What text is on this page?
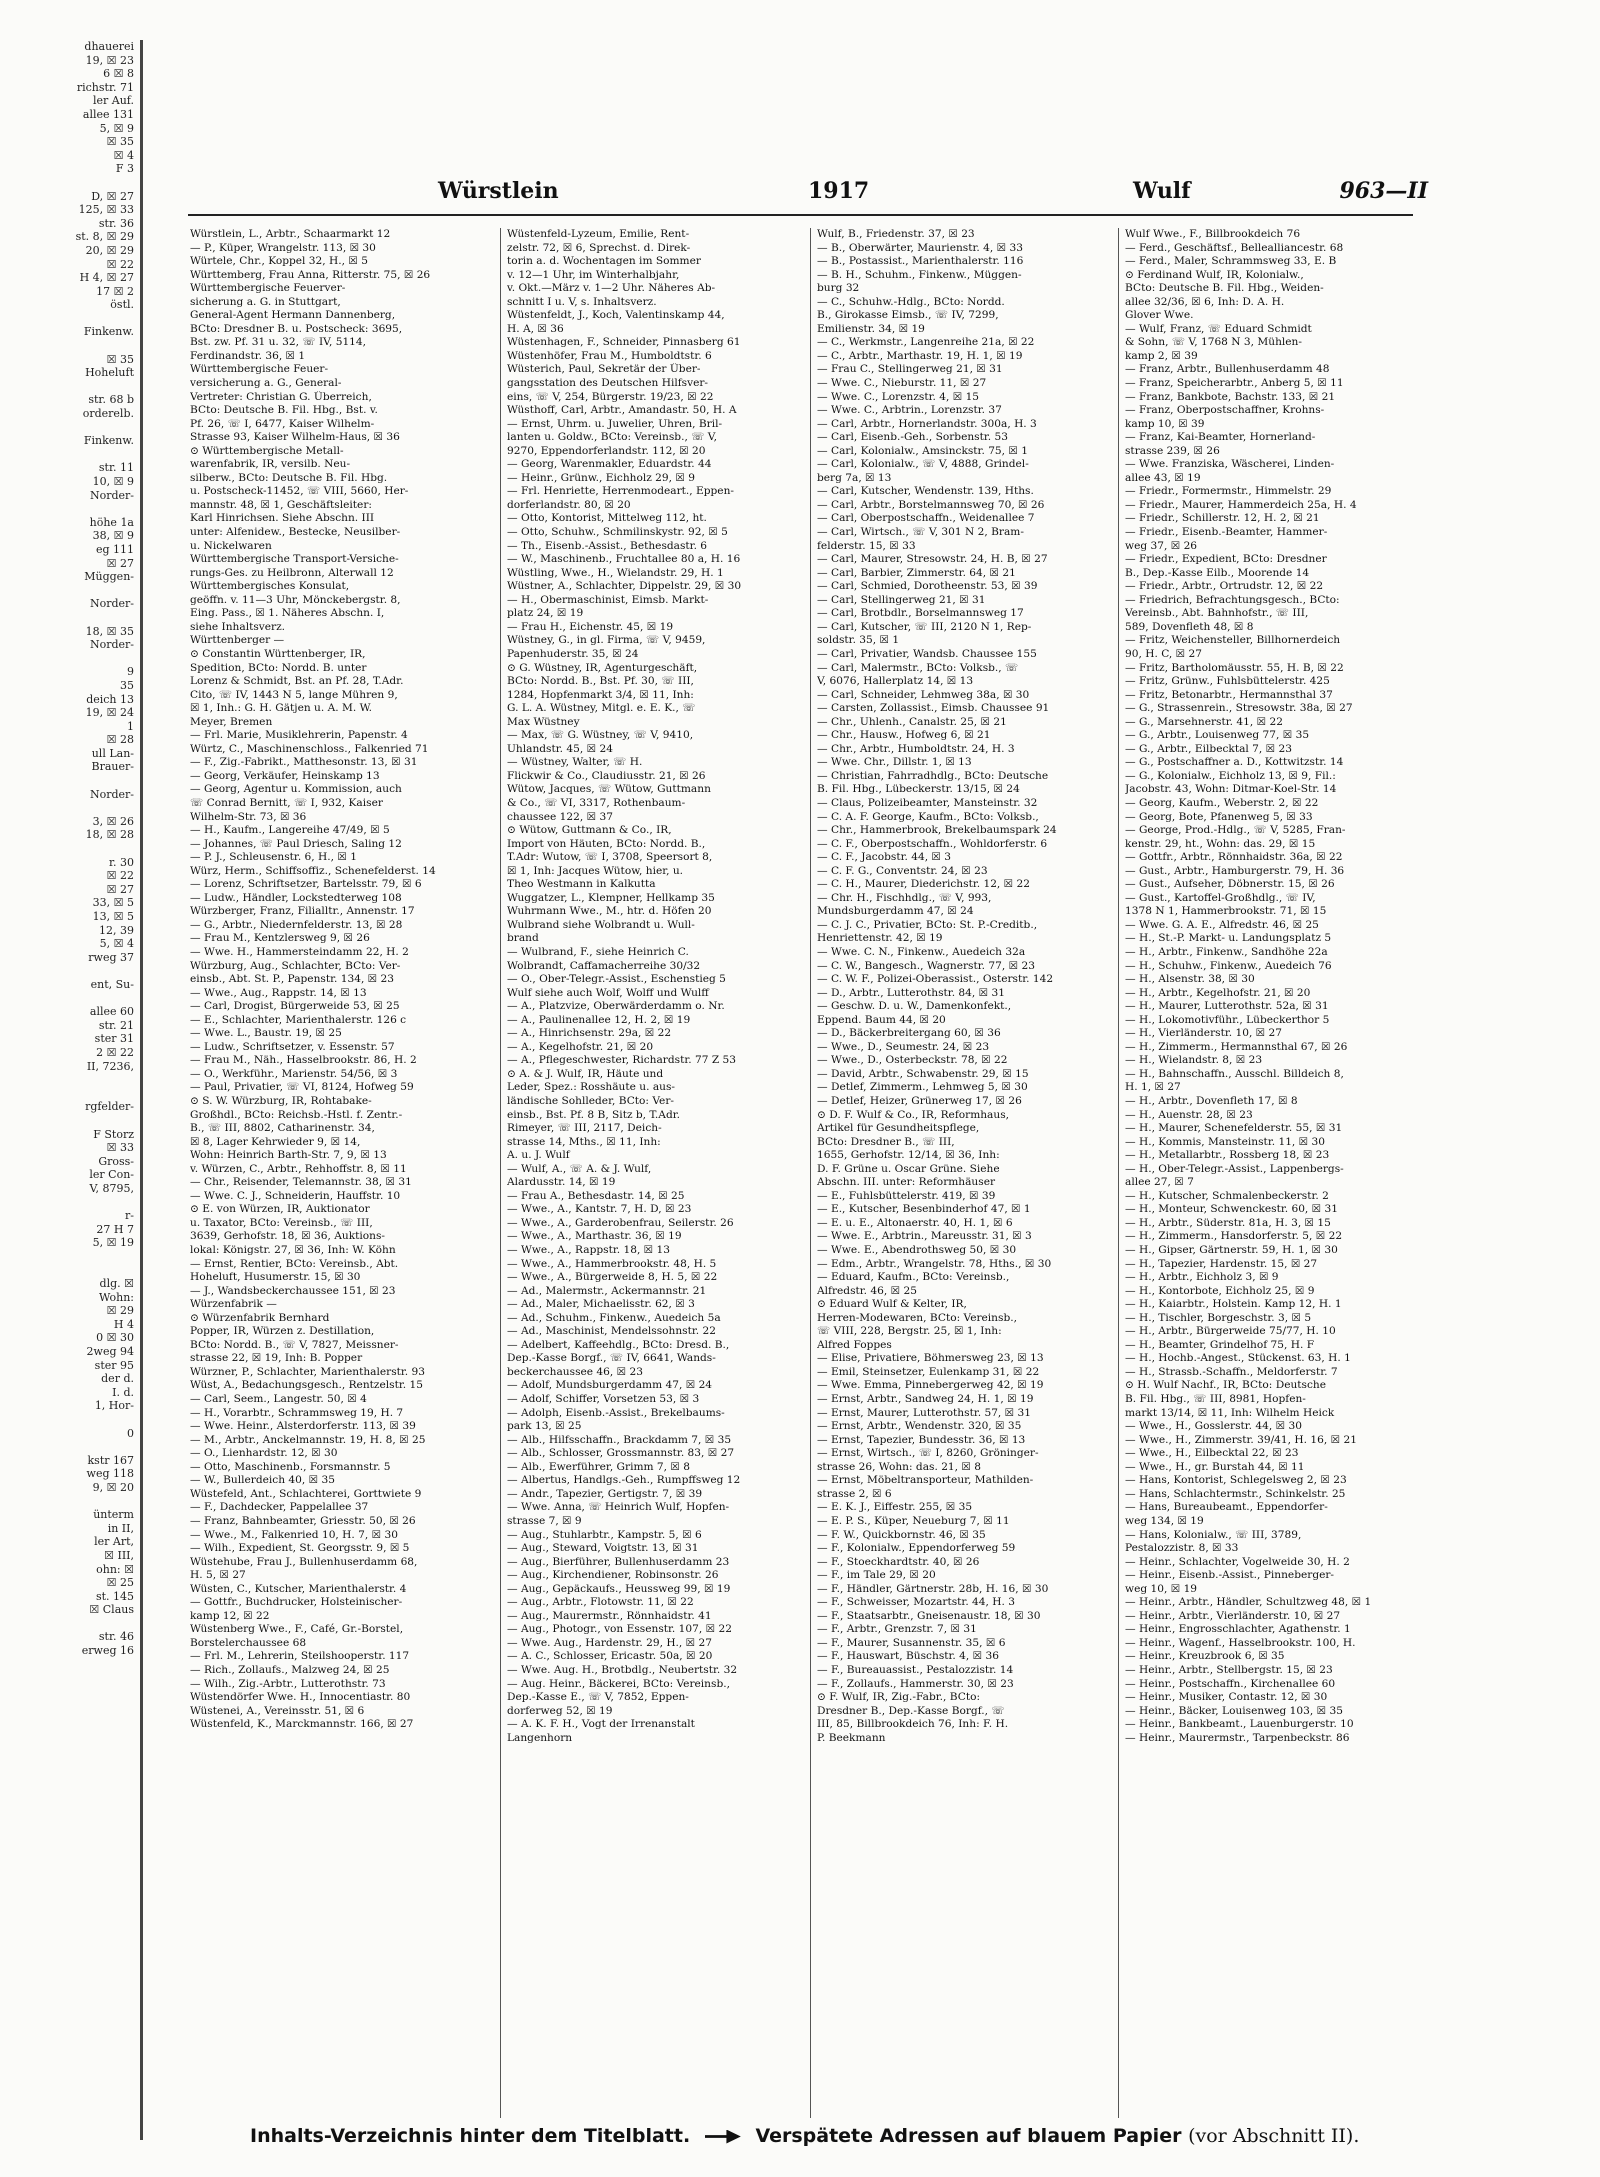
dhauerei
19, ☒ 23
6 ☒ 8
richstr. 71
ler Auf.
allee 131
5, ☒ 9
☒ 35
☒ 4
F 3

D, ☒ 27
125, ☒ 33
str. 36
st. 8, ☒ 29
20, ☒ 29
☒ 22
H 4, ☒ 27
17 ☒ 2
östl.

Finkenw.

☒ 35
Hoheluft

str. 68 b
orderelb.

Finkenw.

str. 11
10, ☒ 9
Norder-

höhe 1a
38, ☒ 9
eg 111
☒ 27
Müggen-

Norder-

18, ☒ 35
Norder-

9
35
deich 13
19, ☒ 24
1
☒ 28
ull Lan-
Brauer-

Norder-

3, ☒ 26
18, ☒ 28

r. 30
☒ 22
☒ 27
33, ☒ 5
13, ☒ 5
12, 39
5, ☒ 4
rweg 37

ent, Su-

allee 60
str. 21
ster 31
2 ☒ 22
II, 7236,

rgfelder-

F Storz
☒ 33
Gross-
ler Con-
V, 8795,

r-
27 H 7
5, ☒ 19

dlg. ☒
Wohn:
☒ 29
H 4
0 ☒ 30
2weg 94
ster 95
der d.
I. d.
1, Hor-

0

kstr 167
weg 118
9, ☒ 20

ünterm
in II,
ler Art,
☒ III,
ohn: ☒
☒ 25
st. 145
☒ Claus

str. 46
erweg 16
Würstlein	1917	Wulf	963—II
Würstlein, L., Arbtr., Schaarmarkt 12
— P., Küper, Wrangelstr. 113, ☒ 30
Würtele, Chr., Koppel 32, H., ☒ 5
Württemberg, Frau Anna, Ritterstr. 75, ☒ 26
Württembergische Feuerver-
sicherung a. G. in Stuttgart,
General-Agent Hermann Dannenberg,
BCto: Dresdner B. u. Postscheck: 3695,
Bst. zw. Pf. 31 u. 32, ☏ IV, 5114,
Ferdinandstr. 36, ☒ 1
Württembergische Feuer-
versicherung a. G., General-
Vertreter: Christian G. Überreich,
BCto: Deutsche B. Fil. Hbg., Bst. v.
Pf. 26, ☏ I, 6477, Kaiser Wilhelm-
Strasse 93, Kaiser Wilhelm-Haus, ☒ 36
⊙ Württembergische Metall-
warenfabrik, IR, versilb. Neu-
silberw., BCto: Deutsche B. Fil. Hbg.
u. Postscheck-11452, ☏ VIII, 5660, Her-
mannstr. 48, ☒ 1, Geschäftsleiter:
Karl Hinrichsen. Siehe Abschn. III
unter: Alfenidew., Bestecke, Neusilber-
u. Nickelwaren
Württembergische Transport-Versiche-
rungs-Ges. zu Heilbronn, Alterwall 12
Württembergisches Konsulat,
geöffn. v. 11—3 Uhr, Mönckebergstr. 8,
Eing. Pass., ☒ 1. Näheres Abschn. I,
siehe Inhaltsverz.
Württenberger —
⊙ Constantin Württenberger, IR,
Spedition, BCto: Nordd. B. unter
Lorenz & Schmidt, Bst. an Pf. 28, T.Adr.
Cito, ☏ IV, 1443 N 5, lange Mühren 9,
☒ 1, Inh.: G. H. Gätjen u. A. M. W.
Meyer, Bremen
— Frl. Marie, Musiklehrerin, Papenstr. 4
Würtz, C., Maschinenschloss., Falkenried 71
— F., Zig.-Fabrikt., Matthesonstr. 13, ☒ 31
— Georg, Verkäufer, Heinskamp 13
— Georg, Agentur u. Kommission, auch
☏ Conrad Bernitt, ☏ I, 932, Kaiser
Wilhelm-Str. 73, ☒ 36
— H., Kaufm., Langereihe 47/49, ☒ 5
— Johannes, ☏ Paul Driesch, Saling 12
— P. J., Schleusenstr. 6, H., ☒ 1
Würz, Herm., Schiffsoffiz., Schenefelderst. 14
— Lorenz, Schriftsetzer, Bartelsstr. 79, ☒ 6
— Ludw., Händler, Lockstedterweg 108
Würzberger, Franz, Filialltr., Annenstr. 17
— G., Arbtr., Niedernfelderstr. 13, ☒ 28
— Frau M., Kentzlersweg 9, ☒ 26
— Wwe. H., Hammersteindamm 22, H. 2
Würzburg, Aug., Schlachter, BCto: Ver-
einsb., Abt. St. P., Papenstr. 134, ☒ 23
— Wwe., Aug., Rappstr. 14, ☒ 13
— Carl, Drogist, Bürgerweide 53, ☒ 25
— E., Schlachter, Marienthalerstr. 126 c
— Wwe. L., Baustr. 19, ☒ 25
— Ludw., Schriftsetzer, v. Essenstr. 57
— Frau M., Näh., Hasselbrookstr. 86, H. 2
— O., Werkführ., Marienstr. 54/56, ☒ 3
— Paul, Privatier, ☏ VI, 8124, Hofweg 59
⊙ S. W. Würzburg, IR, Rohtabake-
Großhdl., BCto: Reichsb.-Hstl. f. Zentr.-
B., ☏ III, 8802, Catharinenstr. 34,
☒ 8, Lager Kehrwieder 9, ☒ 14,
Wohn: Heinrich Barth-Str. 7, 9, ☒ 13
v. Würzen, C., Arbtr., Rehhoffstr. 8, ☒ 11
— Chr., Reisender, Telemannstr. 38, ☒ 31
— Wwe. C. J., Schneiderin, Hauffstr. 10
⊙ E. von Würzen, IR, Auktionator
u. Taxator, BCto: Vereinsb., ☏ III,
3639, Gerhofstr. 18, ☒ 36, Auktions-
lokal: Königstr. 27, ☒ 36, Inh: W. Köhn
— Ernst, Rentier, BCto: Vereinsb., Abt.
Hoheluft, Husumerstr. 15, ☒ 30
— J., Wandsbeckerchaussee 151, ☒ 23
Würzenfabrik —
⊙ Würzenfabrik Bernhard
Popper, IR, Würzen z. Destillation,
BCto: Nordd. B., ☏ V, 7827, Meissner-
strasse 22, ☒ 19, Inh: B. Popper
Würzner, P., Schlachter, Marienthalerstr. 93
Wüst, A., Bedachungsgesch., Rentzelstr. 15
— Carl, Seem., Langestr. 50, ☒ 4
— H., Vorarbtr., Schrammsweg 19, H. 7
— Wwe. Heinr., Alsterdorferstr. 113, ☒ 39
— M., Arbtr., Anckelmannstr. 19, H. 8, ☒ 25
— O., Lienhardstr. 12, ☒ 30
— Otto, Maschinenb., Forsmannstr. 5
— W., Bullerdeich 40, ☒ 35
Wüstefeld, Ant., Schlachterei, Gorttwiete 9
— F., Dachdecker, Pappelallee 37
— Franz, Bahnbeamter, Griesstr. 50, ☒ 26
— Wwe., M., Falkenried 10, H. 7, ☒ 30
— Wilh., Expedient, St. Georgsstr. 9, ☒ 5
Wüstehube, Frau J., Bullenhuserdamm 68,
H. 5, ☒ 27
Wüsten, C., Kutscher, Marienthalerstr. 4
— Gottfr., Buchdrucker, Holsteinischer-
kamp 12, ☒ 22
Wüstenberg Wwe., F., Café, Gr.-Borstel,
Borstelerchaussee 68
— Frl. M., Lehrerin, Steilshooperstr. 117
— Rich., Zollaufs., Malzweg 24, ☒ 25
— Wilh., Zig.-Arbtr., Lutterothstr. 73
Wüstendörfer Wwe. H., Innocentiastr. 80
Wüstenei, A., Vereinsstr. 51, ☒ 6
Wüstenfeld, K., Marckmannstr. 166, ☒ 27
Wüstenfeld-Lyzeum, Emilie, Rent-
zelstr. 72, ☒ 6, Sprechst. d. Direk-
torin a. d. Wochentagen im Sommer
v. 12—1 Uhr, im Winterhalbjahr,
v. Okt.—März v. 1—2 Uhr. Näheres Ab-
schnitt I u. V, s. Inhaltsverz.
Wüstenfeldt, J., Koch, Valentinskamp 44,
H. A, ☒ 36
Wüstenhagen, F., Schneider, Pinnasberg 61
Wüstenhöfer, Frau M., Humboldtstr. 6
Wüsterich, Paul, Sekretär der Über-
gangsstation des Deutschen Hilfsver-
eins, ☏ V, 254, Bürgerstr. 19/23, ☒ 22
Wüsthoff, Carl, Arbtr., Amandastr. 50, H. A
— Ernst, Uhrm. u. Juwelier, Uhren, Bril-
lanten u. Goldw., BCto: Vereinsb., ☏ V,
9270, Eppendorferlandstr. 112, ☒ 20
— Georg, Warenmakler, Eduardstr. 44
— Heinr., Grünw., Eichholz 29, ☒ 9
— Frl. Henriette, Herrenmodeart., Eppen-
dorferlandstr. 80, ☒ 20
— Otto, Kontorist, Mittelweg 112, ht.
— Otto, Schuhw., Schmilinskystr. 92, ☒ 5
— Th., Eisenb.-Assist., Bethesdastr. 6
— W., Maschinenb., Fruchtallee 80 a, H. 16
Wüstling, Wwe., H., Wielandstr. 29, H. 1
Wüstner, A., Schlachter, Dippelstr. 29, ☒ 30
— H., Obermaschinist, Eimsb. Markt-
platz 24, ☒ 19
— Frau H., Eichenstr. 45, ☒ 19
Wüstney, G., in gl. Firma, ☏ V, 9459,
Papenhuderstr. 35, ☒ 24
⊙ G. Wüstney, IR, Agenturgeschäft,
BCto: Nordd. B., Bst. Pf. 30, ☏ III,
1284, Hopfenmarkt 3/4, ☒ 11, Inh:
G. L. A. Wüstney, Mitgl. e. E. K., ☏
Max Wüstney
— Max, ☏ G. Wüstney, ☏ V, 9410,
Uhlandstr. 45, ☒ 24
— Wüstney, Walter, ☏ H.
Flickwir & Co., Claudiusstr. 21, ☒ 26
Wütow, Jacques, ☏ Wütow, Guttmann
& Co., ☏ VI, 3317, Rothenbaum-
chaussee 122, ☒ 37
⊙ Wütow, Guttmann & Co., IR,
Import von Häuten, BCto: Nordd. B.,
T.Adr: Wutow, ☏ I, 3708, Speersort 8,
☒ 1, Inh: Jacques Wütow, hier, u.
Theo Westmann in Kalkutta
Wuggatzer, L., Klempner, Hellkamp 35
Wuhrmann Wwe., M., htr. d. Höfen 20
Wulbrand siehe Wolbrandt u. Wull-
brand
— Wulbrand, F., siehe Heinrich C.
Wolbrandt, Caffamacherreihe 30/32
— O., Ober-Telegr.-Assist., Eschenstieg 5
Wulf siehe auch Wolf, Wolff und Wulff
— A., Platzvize, Oberwärderdamm o. Nr.
— A., Paulinenallee 12, H. 2, ☒ 19
— A., Hinrichsenstr. 29a, ☒ 22
— A., Kegelhofstr. 21, ☒ 20
— A., Pflegeschwester, Richardstr. 77 Z 53
⊙ A. & J. Wulf, IR, Häute und
Leder, Spez.: Rosshäute u. aus-
ländische Sohlleder, BCto: Ver-
einsb., Bst. Pf. 8 B, Sitz b, T.Adr.
Rimeyer, ☏ III, 2117, Deich-
strasse 14, Mths., ☒ 11, Inh:
A. u. J. Wulf
— Wulf, A., ☏ A. & J. Wulf,
Alardusstr. 14, ☒ 19
— Frau A., Bethesdastr. 14, ☒ 25
— Wwe., A., Kantstr. 7, H. D, ☒ 23
— Wwe., A., Garderobenfrau, Seilerstr. 26
— Wwe., A., Marthastr. 36, ☒ 19
— Wwe., A., Rappstr. 18, ☒ 13
— Wwe., A., Hammerbrookstr. 48, H. 5
— Wwe., A., Bürgerweide 8, H. 5, ☒ 22
— Ad., Malermstr., Ackermannstr. 21
— Ad., Maler, Michaelisstr. 62, ☒ 3
— Ad., Schuhm., Finkenw., Auedeich 5a
— Ad., Maschinist, Mendelssohnstr. 22
— Adelbert, Kaffeehdlg., BCto: Dresd. B.,
Dep.-Kasse Borgf., ☏ IV, 6641, Wands-
beckerchaussee 46, ☒ 23
— Adolf, Mundsburgerdamm 47, ☒ 24
— Adolf, Schiffer, Vorsetzen 53, ☒ 3
— Adolph, Eisenb.-Assist., Brekelbaums-
park 13, ☒ 25
— Alb., Hilfsschaffn., Brackdamm 7, ☒ 35
— Alb., Schlosser, Grossmannstr. 83, ☒ 27
— Alb., Ewerführer, Grimm 7, ☒ 8
— Albertus, Handlgs.-Geh., Rumpffsweg 12
— Andr., Tapezier, Gertigstr. 7, ☒ 39
— Wwe. Anna, ☏ Heinrich Wulf, Hopfen-
strasse 7, ☒ 9
— Aug., Stuhlarbtr., Kampstr. 5, ☒ 6
— Aug., Steward, Voigtstr. 13, ☒ 31
— Aug., Bierführer, Bullenhuserdamm 23
— Aug., Kirchendiener, Robinsonstr. 26
— Aug., Gepäckaufs., Heussweg 99, ☒ 19
— Aug., Arbtr., Flotowstr. 11, ☒ 22
— Aug., Maurermstr., Rönnhaidstr. 41
— Aug., Photogr., von Essenstr. 107, ☒ 22
— Wwe. Aug., Hardenstr. 29, H., ☒ 27
— A. C., Schlosser, Ericastr. 50a, ☒ 20
— Wwe. Aug. H., Brotbdlg., Neubertstr. 32
— Aug. Heinr., Bäckerei, BCto: Vereinsb.,
Dep.-Kasse E., ☏ V, 7852, Eppen-
dorferweg 52, ☒ 19
— A. K. F. H., Vogt der Irrenanstalt
Langenhorn
Wulf, B., Friedenstr. 37, ☒ 23
— B., Oberwärter, Maurienstr. 4, ☒ 33
— B., Postassist., Marienthalerstr. 116
— B. H., Schuhm., Finkenw., Müggen-
burg 32
— C., Schuhw.-Hdlg., BCto: Nordd.
B., Girokasse Eimsb., ☏ IV, 7299,
Emilienstr. 34, ☒ 19
— C., Werkmstr., Langenreihe 21a, ☒ 22
— C., Arbtr., Marthastr. 19, H. 1, ☒ 19
— Frau C., Stellingerweg 21, ☒ 31
— Wwe. C., Nieburstr. 11, ☒ 27
— Wwe. C., Lorenzstr. 4, ☒ 15
— Wwe. C., Arbtrin., Lorenzstr. 37
— Carl, Arbtr., Hornerlandstr. 300a, H. 3
— Carl, Eisenb.-Geh., Sorbenstr. 53
— Carl, Kolonialw., Amsinckstr. 75, ☒ 1
— Carl, Kolonialw., ☏ V, 4888, Grindel-
berg 7a, ☒ 13
— Carl, Kutscher, Wendenstr. 139, Hths.
— Carl, Arbtr., Borstelmannsweg 70, ☒ 26
— Carl, Oberpostschaffn., Weidenallee 7
— Carl, Wirtsch., ☏ V, 301 N 2, Bram-
felderstr. 15, ☒ 33
— Carl, Maurer, Stresowstr. 24, H. B, ☒ 27
— Carl, Barbier, Zimmerstr. 64, ☒ 21
— Carl, Schmied, Dorotheenstr. 53, ☒ 39
— Carl, Stellingerweg 21, ☒ 31
— Carl, Brotbdlr., Borselmannsweg 17
— Carl, Kutscher, ☏ III, 2120 N 1, Rep-
soldstr. 35, ☒ 1
— Carl, Privatier, Wandsb. Chaussee 155
— Carl, Malermstr., BCto: Volksb., ☏
V, 6076, Hallerplatz 14, ☒ 13
— Carl, Schneider, Lehmweg 38a, ☒ 30
— Carsten, Zollassist., Eimsb. Chaussee 91
— Chr., Uhlenh., Canalstr. 25, ☒ 21
— Chr., Hausw., Hofweg 6, ☒ 21
— Chr., Arbtr., Humboldtstr. 24, H. 3
— Wwe. Chr., Dillstr. 1, ☒ 13
— Christian, Fahrradhdlg., BCto: Deutsche
B. Fil. Hbg., Lübeckerstr. 13/15, ☒ 24
— Claus, Polizeibeamter, Mansteinstr. 32
— C. A. F. George, Kaufm., BCto: Volksb.,
— Chr., Hammerbrook, Brekelbaumspark 24
— C. F., Oberpostschaffn., Wohldorferstr. 6
— C. F., Jacobstr. 44, ☒ 3
— C. F. G., Conventstr. 24, ☒ 23
— C. H., Maurer, Diederichstr. 12, ☒ 22
— Chr. H., Fischhdlg., ☏ V, 993,
Mundsburgerdamm 47, ☒ 24
— C. J. C., Privatier, BCto: St. P.-Creditb.,
Henriettenstr. 42, ☒ 19
— Wwe. C. N., Finkenw., Auedeich 32a
— C. W., Bangesch., Wagnerstr. 77, ☒ 23
— C. W. F., Polizei-Oberassist., Osterstr. 142
— D., Arbtr., Lutterothstr. 84, ☒ 31
— Geschw. D. u. W., Damenkonfekt.,
Eppend. Baum 44, ☒ 20
— D., Bäckerbreitergang 60, ☒ 36
— Wwe., D., Seumestr. 24, ☒ 23
— Wwe., D., Osterbeckstr. 78, ☒ 22
— David, Arbtr., Schwabenstr. 29, ☒ 15
— Detlef, Zimmerm., Lehmweg 5, ☒ 30
— Detlef, Heizer, Grünerweg 17, ☒ 26
⊙ D. F. Wulf & Co., IR, Reformhaus,
Artikel für Gesundheitspflege,
BCto: Dresdner B., ☏ III,
1655, Gerhofstr. 12/14, ☒ 36, Inh:
D. F. Grüne u. Oscar Grüne. Siehe
Abschn. III. unter: Reformhäuser
— E., Fuhlsbüttelerstr. 419, ☒ 39
— E., Kutscher, Besenbinderhof 47, ☒ 1
— E. u. E., Altonaerstr. 40, H. 1, ☒ 6
— Wwe. E., Arbtrin., Mareusstr. 31, ☒ 3
— Wwe. E., Abendrothsweg 50, ☒ 30
— Edm., Arbtr., Wrangelstr. 78, Hths., ☒ 30
— Eduard, Kaufm., BCto: Vereinsb.,
Alfredstr. 46, ☒ 25
⊙ Eduard Wulf & Kelter, IR,
Herren-Modewaren, BCto: Vereinsb.,
☏ VIII, 228, Bergstr. 25, ☒ 1, Inh:
Alfred Foppes
— Elise, Privatiere, Böhmersweg 23, ☒ 13
— Emil, Steinsetzer, Eulenkamp 31, ☒ 22
— Wwe. Emma, Pinnebergerweg 42, ☒ 19
— Ernst, Arbtr., Sandweg 24, H. 1, ☒ 19
— Ernst, Maurer, Lutterothstr. 57, ☒ 31
— Ernst, Arbtr., Wendenstr. 320, ☒ 35
— Ernst, Tapezier, Bundesstr. 36, ☒ 13
— Ernst, Wirtsch., ☏ I, 8260, Gröninger-
strasse 26, Wohn: das. 21, ☒ 8
— Ernst, Möbeltransporteur, Mathilden-
strasse 2, ☒ 6
— E. K. J., Eiffestr. 255, ☒ 35
— E. P. S., Küper, Neueburg 7, ☒ 11
— F. W., Quickbornstr. 46, ☒ 35
— F., Kolonialw., Eppendorferweg 59
— F., Stoeckhardtstr. 40, ☒ 26
— F., im Tale 29, ☒ 20
— F., Händler, Gärtnerstr. 28b, H. 16, ☒ 30
— F., Schweisser, Mozartstr. 44, H. 3
— F., Staatsarbtr., Gneisenaustr. 18, ☒ 30
— F., Arbtr., Grenzstr. 7, ☒ 31
— F., Maurer, Susannenstr. 35, ☒ 6
— F., Hauswart, Büschstr. 4, ☒ 36
— F., Bureauassist., Pestalozzistr. 14
— F., Zollaufs., Hammerstr. 30, ☒ 23
⊙ F. Wulf, IR, Zig.-Fabr., BCto:
Dresdner B., Dep.-Kasse Borgf., ☏
III, 85, Billbrookdeich 76, Inh: F. H.
P. Beekmann
Wulf Wwe., F., Billbrookdeich 76
— Ferd., Geschäftsf., Bellealliancestr. 68
— Ferd., Maler, Schrammsweg 33, E. B
⊙ Ferdinand Wulf, IR, Kolonialw.,
BCto: Deutsche B. Fil. Hbg., Weiden-
allee 32/36, ☒ 6, Inh: D. A. H.
Glover Wwe.
— Wulf, Franz, ☏ Eduard Schmidt
& Sohn, ☏ V, 1768 N 3, Mühlen-
kamp 2, ☒ 39
— Franz, Arbtr., Bullenhuserdamm 48
— Franz, Speicherarbtr., Anberg 5, ☒ 11
— Franz, Bankbote, Bachstr. 133, ☒ 21
— Franz, Oberpostschaffner, Krohns-
kamp 10, ☒ 39
— Franz, Kai-Beamter, Hornerland-
strasse 239, ☒ 26
— Wwe. Franziska, Wäscherei, Linden-
allee 43, ☒ 19
— Friedr., Formermstr., Himmelstr. 29
— Friedr., Maurer, Hammerdeich 25a, H. 4
— Friedr., Schillerstr. 12, H. 2, ☒ 21
— Friedr., Eisenb.-Beamter, Hammer-
weg 37, ☒ 26
— Friedr., Expedient, BCto: Dresdner
B., Dep.-Kasse Eilb., Moorende 14
— Friedr., Arbtr., Ortrudstr. 12, ☒ 22
— Friedrich, Befrachtungsgesch., BCto:
Vereinsb., Abt. Bahnhofstr., ☏ III,
589, Dovenfleth 48, ☒ 8
— Fritz, Weichensteller, Billhornerdeich
90, H. C, ☒ 27
— Fritz, Bartholomäusstr. 55, H. B, ☒ 22
— Fritz, Grünw., Fuhlsbüttelerstr. 425
— Fritz, Betonarbtr., Hermannsthal 37
— G., Strassenrein., Stresowstr. 38a, ☒ 27
— G., Marsehnerstr. 41, ☒ 22
— G., Arbtr., Louisenweg 77, ☒ 35
— G., Arbtr., Eilbecktal 7, ☒ 23
— G., Postschaffner a. D., Kottwitzstr. 14
— G., Kolonialw., Eichholz 13, ☒ 9, Fil.:
Jacobstr. 43, Wohn: Ditmar-Koel-Str. 14
— Georg, Kaufm., Weberstr. 2, ☒ 22
— Georg, Bote, Pfanenweg 5, ☒ 33
— George, Prod.-Hdlg., ☏ V, 5285, Fran-
kenstr. 29, ht., Wohn: das. 29, ☒ 15
— Gottfr., Arbtr., Rönnhaidstr. 36a, ☒ 22
— Gust., Arbtr., Hamburgerstr. 79, H. 36
— Gust., Aufseher, Döbnerstr. 15, ☒ 26
— Gust., Kartoffel-Großhdlg., ☏ IV,
1378 N 1, Hammerbrookstr. 71, ☒ 15
— Wwe. G. A. E., Alfredstr. 46, ☒ 25
— H., St.-P. Markt- u. Landungsplatz 5
— H., Arbtr., Finkenw., Sandhöhe 22a
— H., Schuhw., Finkenw., Auedeich 76
— H., Alsenstr. 38, ☒ 30
— H., Arbtr., Kegelhofstr. 21, ☒ 20
— H., Maurer, Lutterothstr. 52a, ☒ 31
— H., Lokomotivführ., Lübeckerthor 5
— H., Vierländerstr. 10, ☒ 27
— H., Zimmerm., Hermannsthal 67, ☒ 26
— H., Wielandstr. 8, ☒ 23
— H., Bahnschaffn., Ausschl. Billdeich 8,
H. 1, ☒ 27
— H., Arbtr., Dovenfleth 17, ☒ 8
— H., Auenstr. 28, ☒ 23
— H., Maurer, Schenefelderstr. 55, ☒ 31
— H., Kommis, Mansteinstr. 11, ☒ 30
— H., Metallarbtr., Rossberg 18, ☒ 23
— H., Ober-Telegr.-Assist., Lappenbergs-
allee 27, ☒ 7
— H., Kutscher, Schmalenbeckerstr. 2
— H., Monteur, Schwenckestr. 60, ☒ 31
— H., Arbtr., Süderstr. 81a, H. 3, ☒ 15
— H., Zimmerm., Hansdorferstr. 5, ☒ 22
— H., Gipser, Gärtnerstr. 59, H. 1, ☒ 30
— H., Tapezier, Hardenstr. 15, ☒ 27
— H., Arbtr., Eichholz 3, ☒ 9
— H., Kontorbote, Eichholz 25, ☒ 9
— H., Kaiarbtr., Holstein. Kamp 12, H. 1
— H., Tischler, Borgeschstr. 3, ☒ 5
— H., Arbtr., Bürgerweide 75/77, H. 10
— H., Beamter, Grindelhof 75, H. F
— H., Hochb.-Angest., Stückenst. 63, H. 1
— H., Strassb.-Schaffn., Meldorferstr. 7
⊙ H. Wulf Nachf., IR, BCto: Deutsche
B. Fil. Hbg., ☏ III, 8981, Hopfen-
markt 13/14, ☒ 11, Inh: Wilhelm Heick
— Wwe., H., Gosslerstr. 44, ☒ 30
— Wwe., H., Zimmerstr. 39/41, H. 16, ☒ 21
— Wwe., H., Eilbecktal 22, ☒ 23
— Wwe., H., gr. Burstah 44, ☒ 11
— Hans, Kontorist, Schlegelsweg 2, ☒ 23
— Hans, Schlachtermstr., Schinkelstr. 25
— Hans, Bureaubeamt., Eppendorfer-
weg 134, ☒ 19
— Hans, Kolonialw., ☏ III, 3789,
Pestalozzistr. 8, ☒ 33
— Heinr., Schlachter, Vogelweide 30, H. 2
— Heinr., Eisenb.-Assist., Pinneberger-
weg 10, ☒ 19
— Heinr., Arbtr., Händler, Schultzweg 48, ☒ 1
— Heinr., Arbtr., Vierländerstr. 10, ☒ 27
— Heinr., Engrosschlachter, Agathenstr. 1
— Heinr., Wagenf., Hasselbrookstr. 100, H.
— Heinr., Kreuzbrook 6, ☒ 35
— Heinr., Arbtr., Stellbergstr. 15, ☒ 23
— Heinr., Postschaffn., Kirchenallee 60
— Heinr., Musiker, Contastr. 12, ☒ 30
— Heinr., Bäcker, Louisenweg 103, ☒ 35
— Heinr., Bankbeamt., Lauenburgerstr. 10
— Heinr., Maurermstr., Tarpenbeckstr. 86
Inhalts-Verzeichnis hinter dem Titelblatt.	Verspätete Adressen auf blauem Papier (vor Abschnitt II).
